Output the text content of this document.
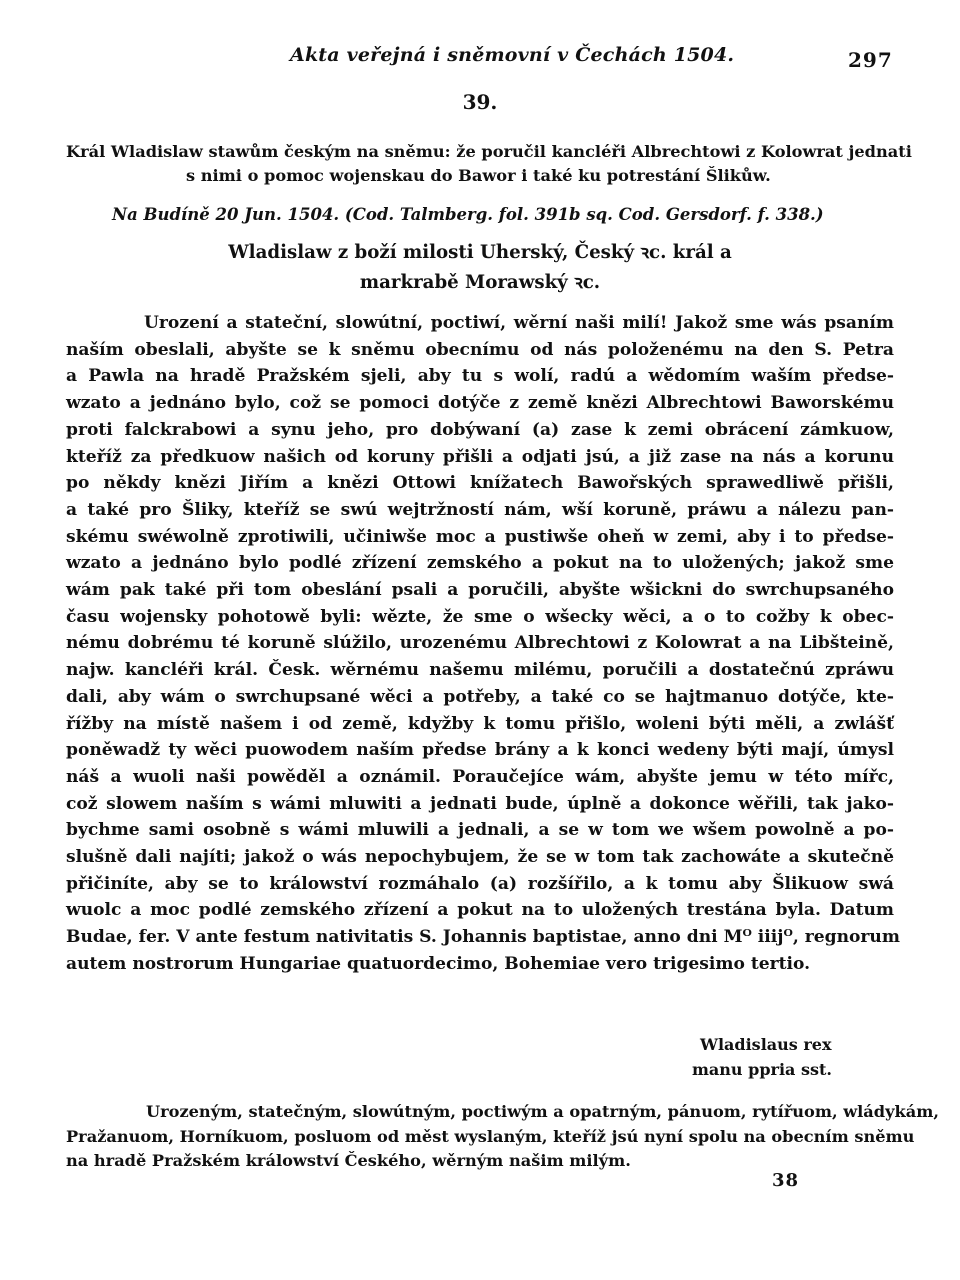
Akta veřejná i sněmovní v Čechách 1504.	297
39.
Král Wladislaw stawům českým na sněmu: že poručil kancléři Albrechtowi z Kolowrat jednati
s nimi o pomoc wojenskau do Bawor i také ku potrestání Šlikůw.
Na Budíně 20 Jun. 1504. (Cod. Talmberg. fol. 391b sq. Cod. Gersdorf. f. 338.)
Wladislaw z boží milosti Uherský, Český ꝛc. král a
markrabě Morawský ꝛc.
Urození a stateční, slowútní, poctiwí, wěrní naši milí! Jakož sme wás psaním
naším obeslali, abyšte se k sněmu obecnímu od nás položenému na den S. Petra
a Pawla na hradě Pražském sjeli, aby tu s wolí, radú a wědomím waším předse-
wzato a jednáno bylo, což se pomoci dotýče z země knězi Albrechtowi Baworskému
proti falckrabowi a synu jeho, pro dobýwaní (a) zase k zemi obrácení zámkuow,
kteříž za předkuow našich od koruny přišli a odjati jsú, a již zase na nás a korunu
po někdy knězi Jiřím a knězi Ottowi knížatech Bawořských sprawedliwě přišli,
a také pro Šliky, kteříž se swú wejtržností nám, wší koruně, práwu a nálezu pan-
skému swéwolně zprotiwili, učiniwše moc a pustiwše oheň w zemi, aby i to předse-
wzato a jednáno bylo podlé zřízení zemského a pokut na to uložených; jakož sme
wám pak také při tom obeslání psali a poručili, abyšte wšickni do swrchupsaného
času wojensky pohotowě byli: wězte, že sme o wšecky wěci, a o to cožby k obec-
nému dobrému té koruně slúžilo, urozenému Albrechtowi z Kolowrat a na Libšteině,
najw. kancléři král. Česk. wěrnému našemu milému, poručili a dostatečnú zpráwu
dali, aby wám o swrchupsané wěci a potřeby, a také co se hajtmanuo dotýče, kte-
řížby na místě našem i od země, kdyžby k tomu přišlo, woleni býti měli, a zwlášť
poněwadž ty wěci puowodem naším předse brány a k konci wedeny býti mají, úmysl
náš a wuoli naši powěděl a oznámil. Poraučejíce wám, abyšte jemu w této mířc,
což slowem naším s wámi mluwiti a jednati bude, úplně a dokonce wěřili, tak jako-
bychme sami osobně s wámi mluwili a jednali, a se w tom we wšem powolně a po-
slušně dali najíti; jakož o wás nepochybujem, že se w tom tak zachowáte a skutečně
přičiníte, aby se to králowství rozmáhalo (a) rozšířilo, a k tomu aby Šlikuow swá
wuolc a moc podlé zemského zřízení a pokut na to uložených trestána byla. Datum
Budae, fer. V ante festum nativitatis S. Johannis baptistae, anno dni Mᴼ iiijᴼ, regnorum
autem nostrorum Hungariae quatuordecimo, Bohemiae vero trigesimo tertio.
Wladislaus rex
manu ppria sst.
Urozeným, statečným, slowútným, poctiwým a opatrným, pánuom, rytířuom, wládykám,
Pražanuom, Horníkuom, posluom od měst wyslaným, kteříž jsú nyní spolu na obecním sněmu
na hradě Pražském králowství Českého, wěrným našim milým.
38
